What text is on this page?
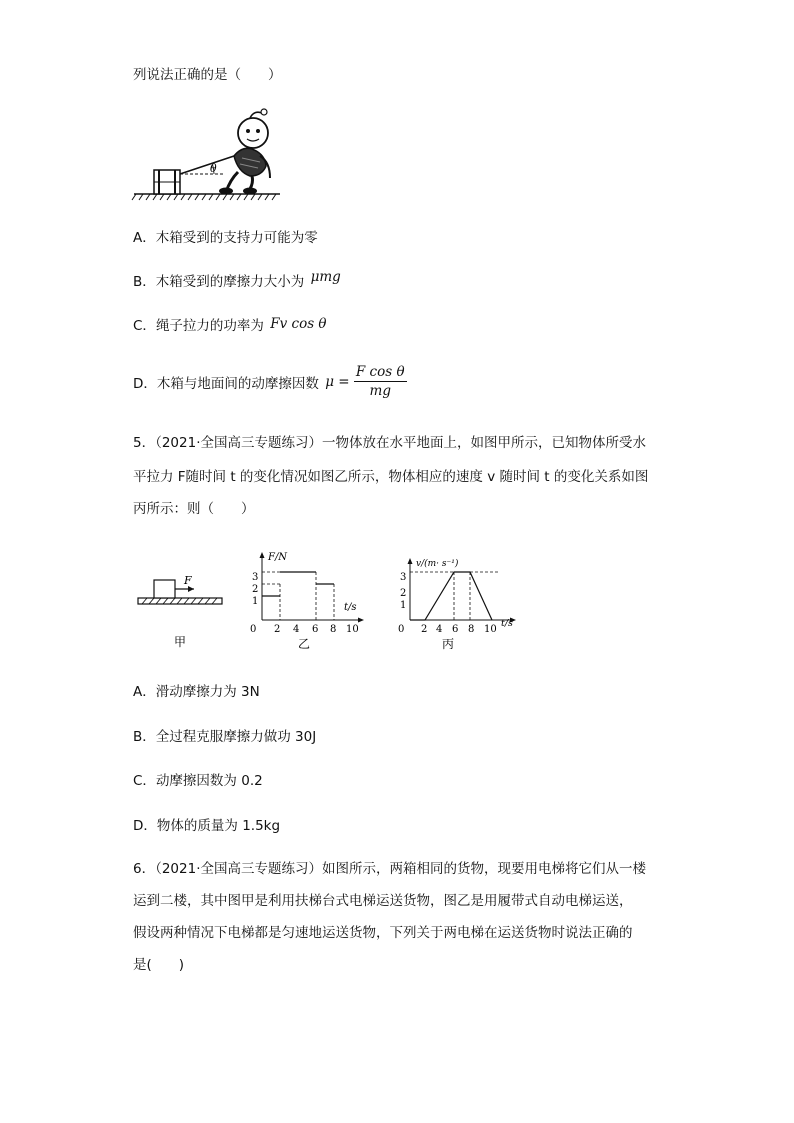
列说法正确的是（　　）
θ
A．木箱受到的支持力可能为零
B．木箱受到的摩擦力大小为 μmg
C．绳子拉力的功率为 Fv cos θ
D．木箱与地面间的动摩擦因数 $\mu = \frac{\text{F cos θ}}{mg}$
5．（2021·全国高三专题练习）一物体放在水平地面上，如图甲所示，已知物体所受水
平拉力 F随时间 t 的变化情况如图乙所示，物体相应的速度 v 随时间 t 的变化关系如图
丙所示：则（　　）
F
甲
F/N
t/s
0
1
2
3
2 4 6 8 10
乙
v/(m· s⁻¹)
t/s
0
1
2
3
2 4 6 8 10
丙
A．滑动摩擦力为 3N
B．全过程克服摩擦力做功 30J
C．动摩擦因数为 0.2
D．物体的质量为 1.5kg
6．（2021·全国高三专题练习）如图所示，两箱相同的货物，现要用电梯将它们从一楼
运到二楼，其中图甲是利用扶梯台式电梯运送货物，图乙是用履带式自动电梯运送，
假设两种情况下电梯都是匀速地运送货物，下列关于两电梯在运送货物时说法正确的
是(　　)
